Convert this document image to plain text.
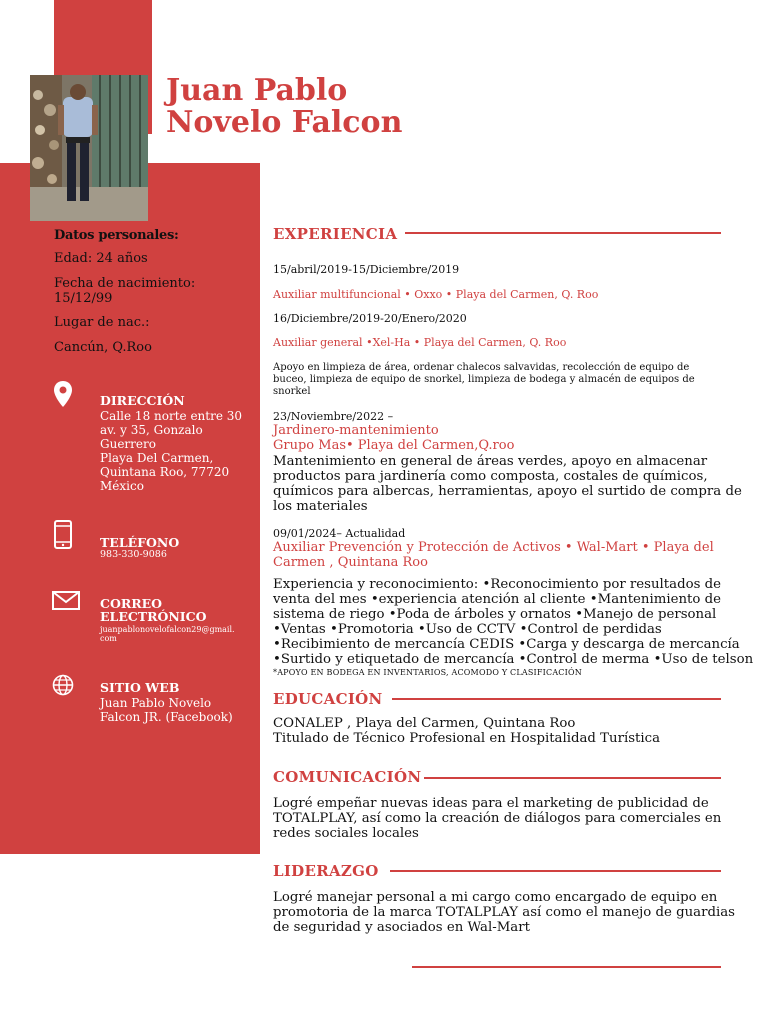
Juan Pablo
Novelo Falcon
Datos personales:
Edad: 24 años
Fecha de nacimiento:
15/12/99
Lugar de nac.:
Cancún, Q.Roo
DIRECCIÓN
Calle 18 norte entre 30
av. y 35, Gonzalo
Guerrero
Playa Del Carmen,
Quintana Roo, 77720
México
TELÉFONO
983-330-9086
CORREO
ELECTRÓNICO
juanpablonovelofalcon29@gmail.
com
SITIO WEB
Juan Pablo Novelo
Falcon JR. (Facebook)
EXPERIENCIA
15/abril/2019-15/Diciembre/2019
Auxiliar multifuncional • Oxxo • Playa del Carmen, Q. Roo
16/Diciembre/2019-20/Enero/2020
Auxiliar general •Xel-Ha • Playa del Carmen, Q. Roo
Apoyo en limpieza de área, ordenar chalecos salvavidas, recolección de equipo de
buceo, limpieza de equipo de snorkel, limpieza de bodega y almacén de equipos de
snorkel
23/Noviembre/2022 –
Jardinero-mantenimiento
Grupo Mas• Playa del Carmen,Q.roo
Mantenimiento en general de áreas verdes, apoyo en almacenar
productos para jardinería como composta, costales de químicos,
químicos para albercas, herramientas, apoyo el surtido de compra de
los materiales
09/01/2024– Actualidad
Auxiliar Prevención y Protección de Activos • Wal-Mart • Playa del
Carmen , Quintana Roo
Experiencia y reconocimiento: •Reconocimiento por resultados de
venta del mes •experiencia atención al cliente •Mantenimiento de
sistema de riego •Poda de árboles y ornatos •Manejo de personal
•Ventas •Promotoria •Uso de CCTV •Control de perdidas
•Recibimiento de mercancía CEDIS •Carga y descarga de mercancía
•Surtido y etiquetado de mercancía •Control de merma •Uso de telson
*APOYO EN BODEGA EN INVENTARIOS, ACOMODO Y CLASIFICACIÓN
EDUCACIÓN
CONALEP , Playa del Carmen, Quintana Roo
Titulado de Técnico Profesional en Hospitalidad Turística
COMUNICACIÓN
Logré empeñar nuevas ideas para el marketing de publicidad de
TOTALPLAY, así como la creación de diálogos para comerciales en
redes sociales locales
LIDERAZGO
Logré manejar personal a mi cargo como encargado de equipo en
promotoria de la marca TOTALPLAY así como el manejo de guardias
de seguridad y asociados en Wal-Mart
